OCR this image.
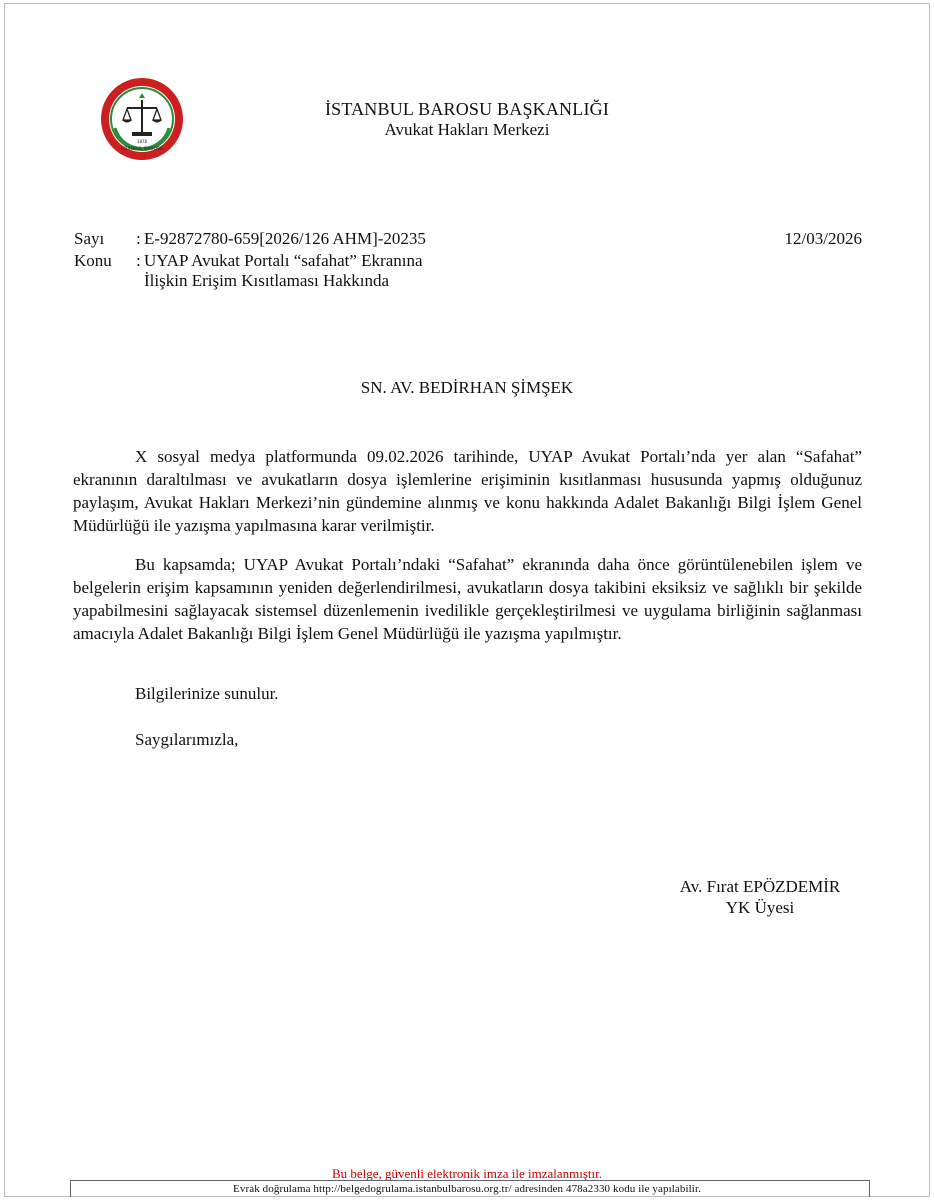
1878
İSTANBUL BAROSU
İSTANBUL BAROSU BAŞKANLIĞI
Avukat Hakları Merkezi
Sayı : E-92872780-659[2026/126 AHM]-20235
Konu : UYAP Avukat Portalı “safahat” Ekranına
İlişkin Erişim Kısıtlaması Hakkında
12/03/2026
SN. AV. BEDİRHAN ŞİMŞEK

X sosyal medya platformunda 09.02.2026 tarihinde, UYAP Avukat Portalı’nda yer alan “Safahat” ekranının daraltılması ve avukatların dosya işlemlerine erişiminin kısıtlanması hususunda yapmış olduğunuz paylaşım, Avukat Hakları Merkezi’nin gündemine alınmış ve konu hakkında Adalet Bakanlığı Bilgi İşlem Genel Müdürlüğü ile yazışma yapılmasına karar verilmiştir.

Bu kapsamda; UYAP Avukat Portalı’ndaki “Safahat” ekranında daha önce görüntülenebilen işlem ve belgelerin erişim kapsamının yeniden değerlendirilmesi, avukatların dosya takibini eksiksiz ve sağlıklı bir şekilde yapabilmesini sağlayacak sistemsel düzenlemenin ivedilikle gerçekleştirilmesi ve uygulama birliğinin sağlanması amacıyla Adalet Bakanlığı Bilgi İşlem Genel Müdürlüğü ile yazışma yapılmıştır.

Bilgilerinize sunulur.

Saygılarımızla,

Av. Fırat EPÖZDEMİR
YK Üyesi
Bu belge, güvenli elektronik imza ile imzalanmıştır.
Evrak doğrulama http://belgedogrulama.istanbulbarosu.org.tr/ adresinden 478a2330 kodu ile yapılabilir.
